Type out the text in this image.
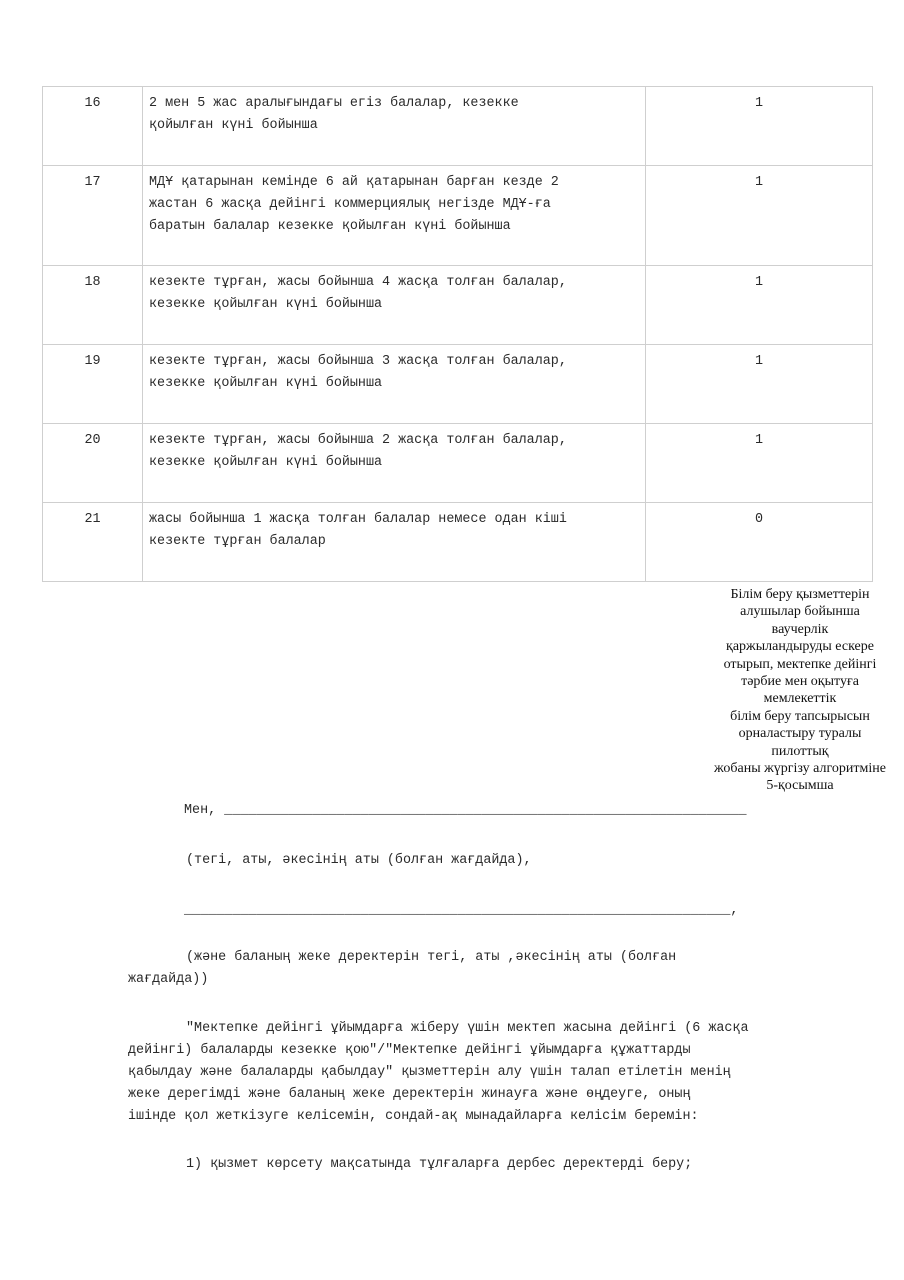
16	2 мен 5 жас аралығындағы егіз балалар, кезекке
қойылған күні бойынша	1
17	МДҰ қатарынан кемінде 6 ай қатарынан барған кезде 2
жастан 6 жасқа дейінгі коммерциялық негізде МДҰ-ға
баратын балалар кезекке қойылған күні бойынша	1
18	кезекте тұрған, жасы бойынша 4 жасқа толған балалар,
кезекке қойылған күні бойынша	1
19	кезекте тұрған, жасы бойынша 3 жасқа толған балалар,
кезекке қойылған күні бойынша	1
20	кезекте тұрған, жасы бойынша 2 жасқа толған балалар,
кезекке қойылған күні бойынша	1
21	жасы бойынша 1 жасқа толған балалар немесе одан кіші
кезекте тұрған балалар	0
Білім беру қызметтерін
алушылар бойынша
ваучерлік
қаржыландыруды ескере
отырып, мектепке дейінгі
тәрбие мен оқытуға
мемлекеттік
білім беру тапсырысын
орналастыру туралы
пилоттық
жобаны жүргізу алгоритміне
5-қосымша

Мен, _________________________________________________________________

(тегі, аты, әкесінің аты (болған жағдайда),

____________________________________________________________________,

(және баланың жеке деректерін тегі, аты ,әкесінің аты (болған

жағдайда))

"Мектепке дейінгі ұйымдарға жіберу үшін мектеп жасына дейінгі (6 жасқа

дейінгі) балаларды кезекке қою"/"Мектепке дейінгі ұйымдарға құжаттарды

қабылдау және балаларды қабылдау" қызметтерін алу үшін талап етілетін менің

жеке дерегімді және баланың жеке деректерін жинауға және өңдеуге, оның

ішінде қол жеткізуге келісемін, сондай-ақ мынадайларға келісім беремін:

1) қызмет көрсету мақсатында тұлғаларға дербес деректерді беру;
